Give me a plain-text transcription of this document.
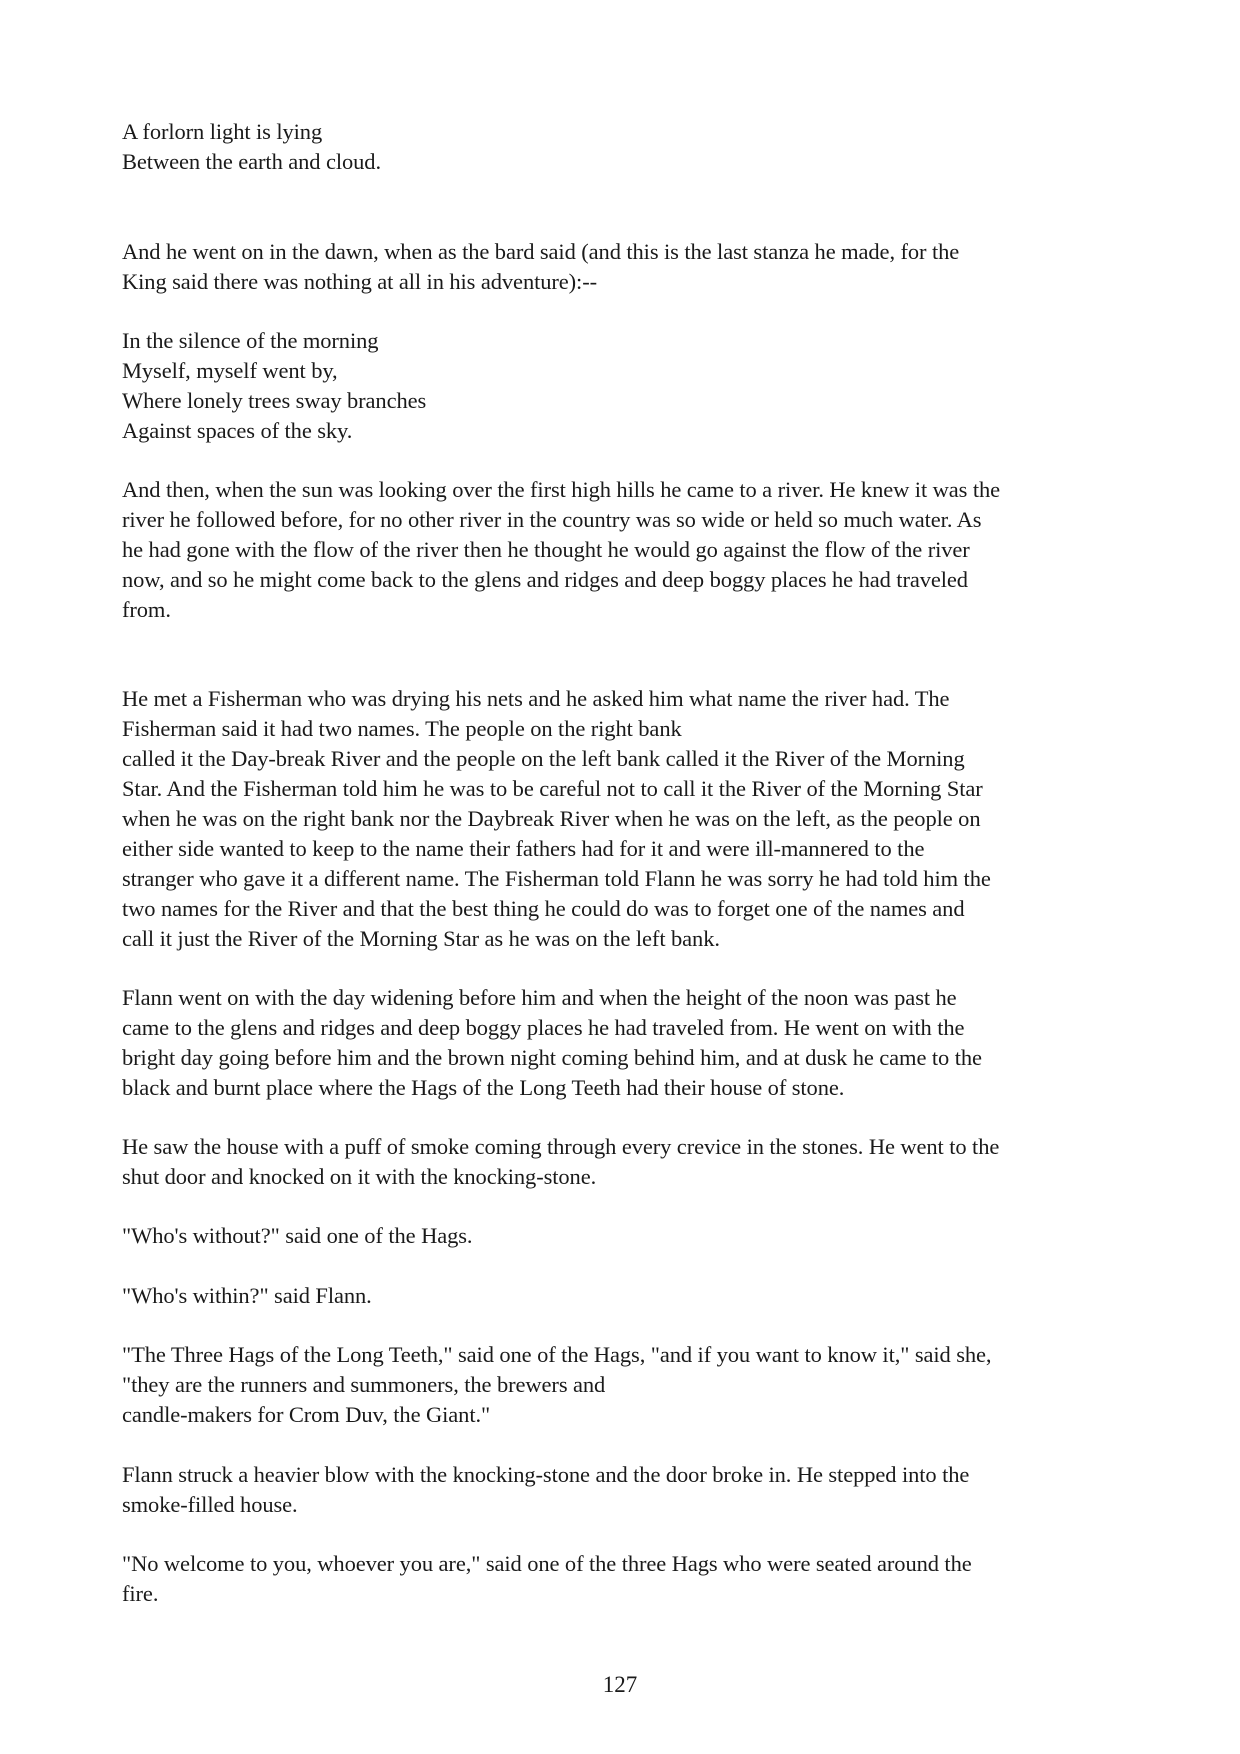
A forlorn light is lying
Between the earth and cloud.
And he went on in the dawn, when as the bard said (and this is the last stanza he made, for the
King said there was nothing at all in his adventure):--
In the silence of the morning
Myself, myself went by,
Where lonely trees sway branches
Against spaces of the sky.
And then, when the sun was looking over the first high hills he came to a river. He knew it was the
river he followed before, for no other river in the country was so wide or held so much water. As
he had gone with the flow of the river then he thought he would go against the flow of the river
now, and so he might come back to the glens and ridges and deep boggy places he had traveled
from.
He met a Fisherman who was drying his nets and he asked him what name the river had. The
Fisherman said it had two names. The people on the right bank
called it the Day-break River and the people on the left bank called it the River of the Morning
Star. And the Fisherman told him he was to be careful not to call it the River of the Morning Star
when he was on the right bank nor the Daybreak River when he was on the left, as the people on
either side wanted to keep to the name their fathers had for it and were ill-mannered to the
stranger who gave it a different name. The Fisherman told Flann he was sorry he had told him the
two names for the River and that the best thing he could do was to forget one of the names and
call it just the River of the Morning Star as he was on the left bank.
Flann went on with the day widening before him and when the height of the noon was past he
came to the glens and ridges and deep boggy places he had traveled from. He went on with the
bright day going before him and the brown night coming behind him, and at dusk he came to the
black and burnt place where the Hags of the Long Teeth had their house of stone.
He saw the house with a puff of smoke coming through every crevice in the stones. He went to the
shut door and knocked on it with the knocking-stone.
"Who's without?" said one of the Hags.
"Who's within?" said Flann.
"The Three Hags of the Long Teeth," said one of the Hags, "and if you want to know it," said she,
"they are the runners and summoners, the brewers and
candle-makers for Crom Duv, the Giant."
Flann struck a heavier blow with the knocking-stone and the door broke in. He stepped into the
smoke-filled house.
"No welcome to you, whoever you are," said one of the three Hags who were seated around the
fire.
127
